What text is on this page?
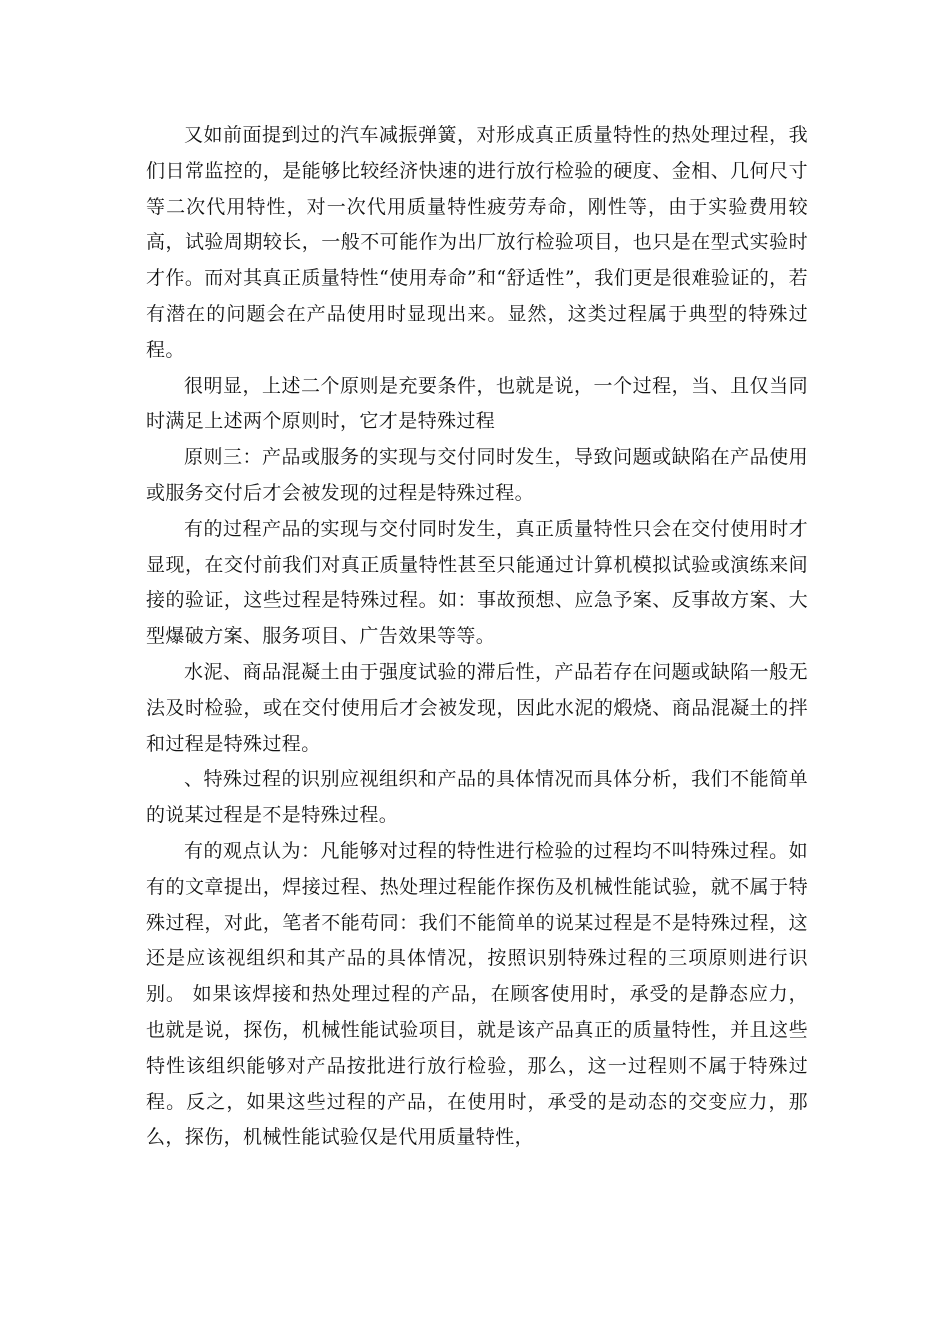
又如前面提到过的汽车减振弹簧，对形成真正质量特性的热处理过程，我们日常监控的，是能够比较经济快速的进行放行检验的硬度、金相、几何尺寸等二次代用特性，对一次代用质量特性疲劳寿命，刚性等，由于实验费用较高，试验周期较长，一般不可能作为出厂放行检验项目，也只是在型式实验时才作。而对其真正质量特性“使用寿命”和“舒适性”，我们更是很难验证的，若有潜在的问题会在产品使用时显现出来。显然，这类过程属于典型的特殊过程。

很明显，上述二个原则是充要条件，也就是说，一个过程，当、且仅当同时满足上述两个原则时，它才是特殊过程

原则三：产品或服务的实现与交付同时发生，导致问题或缺陷在产品使用或服务交付后才会被发现的过程是特殊过程。

有的过程产品的实现与交付同时发生，真正质量特性只会在交付使用时才显现，在交付前我们对真正质量特性甚至只能通过计算机模拟试验或演练来间接的验证，这些过程是特殊过程。如：事故预想、应急予案、反事故方案、大型爆破方案、服务项目、广告效果等等。

水泥、商品混凝土由于强度试验的滞后性，产品若存在问题或缺陷一般无法及时检验，或在交付使用后才会被发现，因此水泥的煅烧、商品混凝土的拌和过程是特殊过程。

、特殊过程的识别应视组织和产品的具体情况而具体分析，我们不能简单的说某过程是不是特殊过程。

有的观点认为：凡能够对过程的特性进行检验的过程均不叫特殊过程。如有的文章提出，焊接过程、热处理过程能作探伤及机械性能试验，就不属于特殊过程，对此，笔者不能苟同：我们不能简单的说某过程是不是特殊过程，这还是应该视组织和其产品的具体情况，按照识别特殊过程的三项原则进行识别。 如果该焊接和热处理过程的产品，在顾客使用时，承受的是静态应力，也就是说，探伤，机械性能试验项目，就是该产品真正的质量特性，并且这些特性该组织能够对产品按批进行放行检验，那么，这一过程则不属于特殊过程。反之，如果这些过程的产品，在使用时，承受的是动态的交变应力，那么，探伤，机械性能试验仅是代用质量特性，
